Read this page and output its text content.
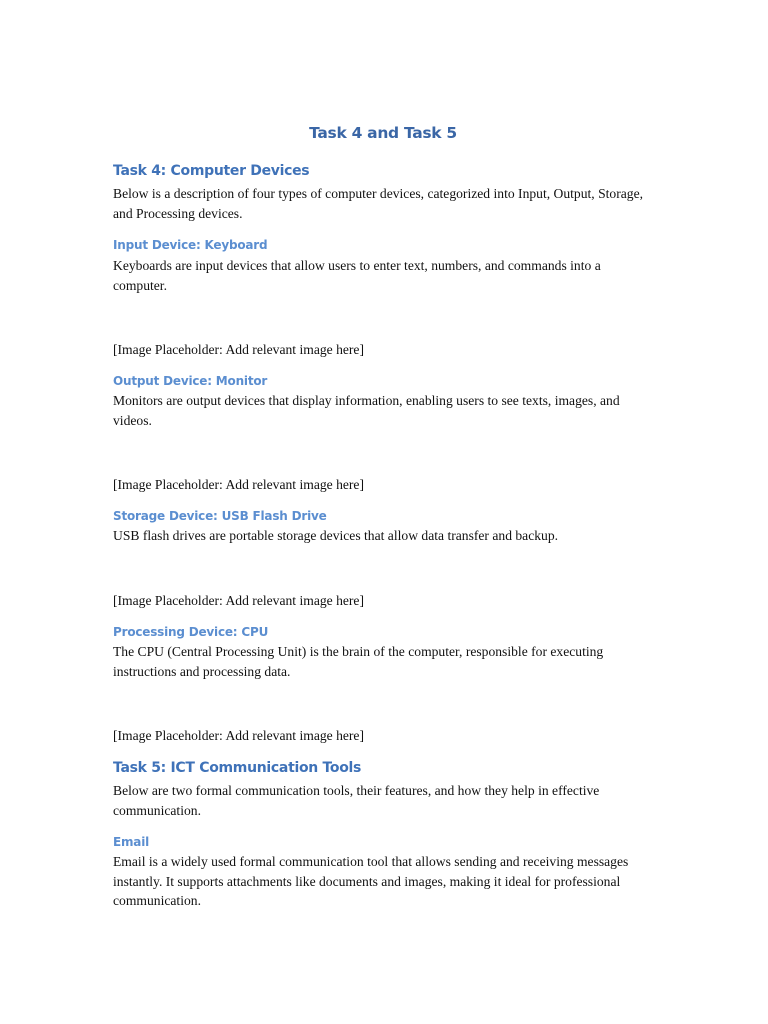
Task 4 and Task 5
Task 4: Computer Devices

Below is a description of four types of computer devices, categorized into Input, Output, Storage, and Processing devices.

Input Device: Keyboard

Keyboards are input devices that allow users to enter text, numbers, and commands into a computer.

[Image Placeholder: Add relevant image here]

Output Device: Monitor

Monitors are output devices that display information, enabling users to see texts, images, and videos.

[Image Placeholder: Add relevant image here]

Storage Device: USB Flash Drive

USB flash drives are portable storage devices that allow data transfer and backup.

[Image Placeholder: Add relevant image here]

Processing Device: CPU

The CPU (Central Processing Unit) is the brain of the computer, responsible for executing instructions and processing data.

[Image Placeholder: Add relevant image here]

Task 5: ICT Communication Tools

Below are two formal communication tools, their features, and how they help in effective communication.

Email

Email is a widely used formal communication tool that allows sending and receiving messages instantly. It supports attachments like documents and images, making it ideal for professional communication.
